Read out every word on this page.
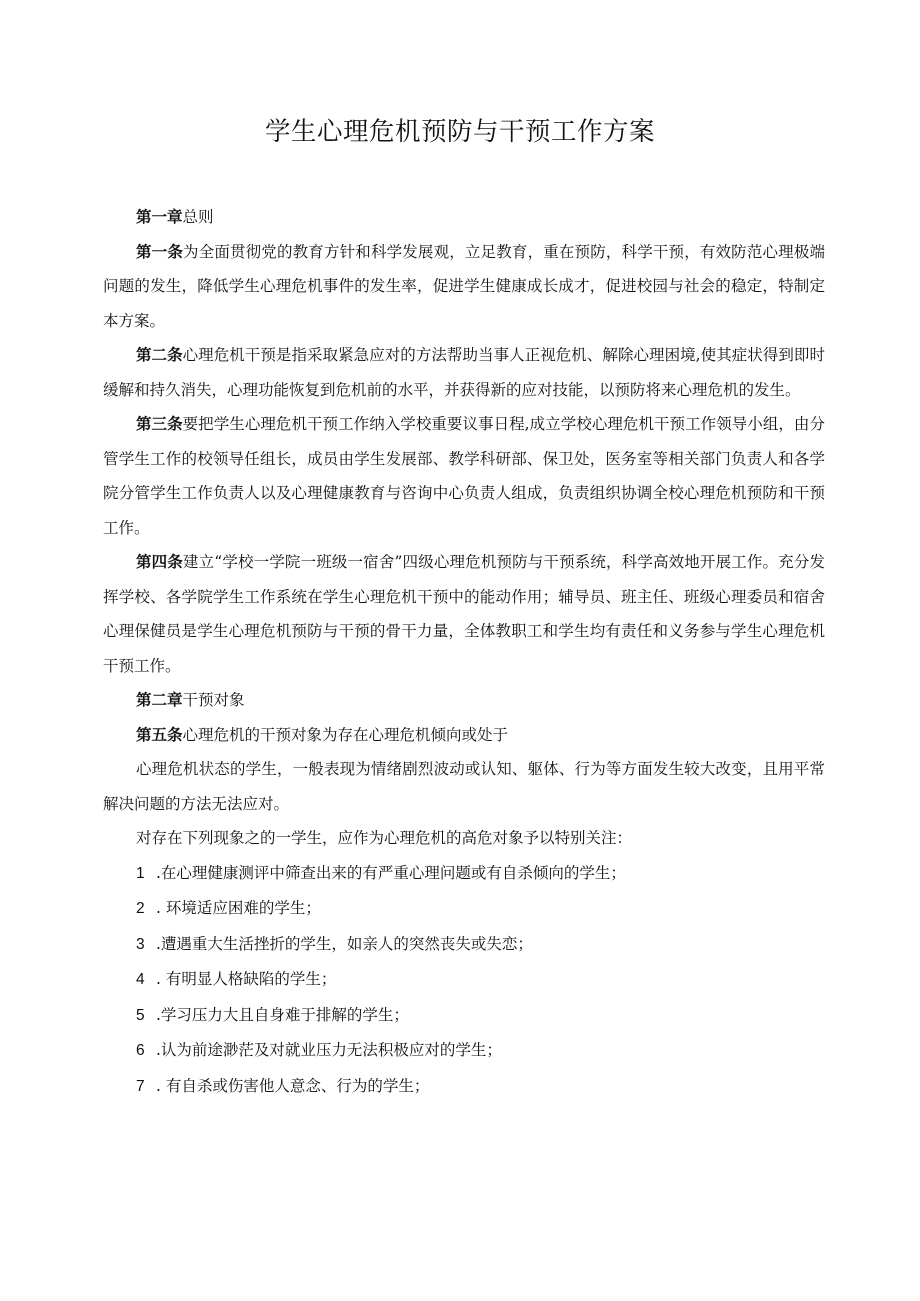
学生心理危机预防与干预工作方案

第一章总则

第一条为全面贯彻党的教育方针和科学发展观，立足教育，重在预防，科学干预，有效防范心理极端问题的发生，降低学生心理危机事件的发生率，促进学生健康成长成才，促进校园与社会的稳定，特制定本方案。

第二条心理危机干预是指采取紧急应对的方法帮助当事人正视危机、解除心理困境,使其症状得到即时缓解和持久消失，心理功能恢复到危机前的水平，并获得新的应对技能，以预防将来心理危机的发生。

第三条要把学生心理危机干预工作纳入学校重要议事日程,成立学校心理危机干预工作领导小组，由分管学生工作的校领导任组长，成员由学生发展部、教学科研部、保卫处，医务室等相关部门负责人和各学院分管学生工作负责人以及心理健康教育与咨询中心负责人组成，负责组织协调全校心理危机预防和干预工作。

第四条建立“学校一学院一班级一宿舍”四级心理危机预防与干预系统，科学高效地开展工作。充分发挥学校、各学院学生工作系统在学生心理危机干预中的能动作用；辅导员、班主任、班级心理委员和宿舍心理保健员是学生心理危机预防与干预的骨干力量，全体教职工和学生均有责任和义务参与学生心理危机干预工作。

第二章干预对象

第五条心理危机的干预对象为存在心理危机倾向或处于

心理危机状态的学生，一般表现为情绪剧烈波动或认知、躯体、行为等方面发生较大改变，且用平常解决问题的方法无法应对。

对存在下列现象之的一学生，应作为心理危机的高危对象予以特别关注：

1 .在心理健康测评中筛查出来的有严重心理问题或有自杀倾向的学生；

2 . 环境适应困难的学生；

3 .遭遇重大生活挫折的学生，如亲人的突然丧失或失恋；

4 . 有明显人格缺陷的学生；

5 .学习压力大且自身难于排解的学生；

6 .认为前途渺茫及对就业压力无法积极应对的学生；

7 . 有自杀或伤害他人意念、行为的学生；
